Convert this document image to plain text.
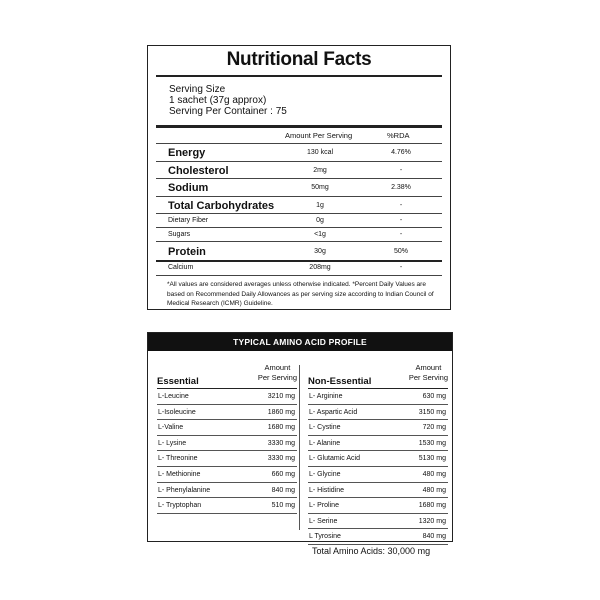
Nutritional Facts
Serving Size
1 sachet (37g approx)
Serving Per Container : 75
Amount Per Serving	%RDA
Energy	130 kcal	4.76%
Cholesterol	2mg	-
Sodium	50mg	2.38%
Total Carbohydrates	1g	-
Dietary Fiber	0g	-
Sugars	<1g	-
Protein	30g	50%
Calcium	208mg	-
*All values are considered averages unless otherwise indicated. *Percent Daily Values are based on Recommended Daily Allowances as per serving size according to Indian Council of Medical Research (ICMR) Guideline.
TYPICAL AMINO ACID PROFILE
Essential
Amount
Per Serving
L-Leucine	3210 mg
L-Isoleucine	1860 mg
L-Valine	1680 mg
L- Lysine	3330 mg
L- Threonine	3330 mg
L- Methionine	660 mg
L- Phenylalanine	840 mg
L- Tryptophan	510 mg
Non-Essential
Amount
Per Serving
L- Arginine	630 mg
L- Aspartic Acid	3150 mg
L- Cystine	720 mg
L- Alanine	1530 mg
L- Glutamic Acid	5130 mg
L- Glycine	480 mg
L- Histidine	480 mg
L- Proline	1680 mg
L- Serine	1320 mg
L Tyrosine	840 mg
Total Amino Acids: 30,000 mg
